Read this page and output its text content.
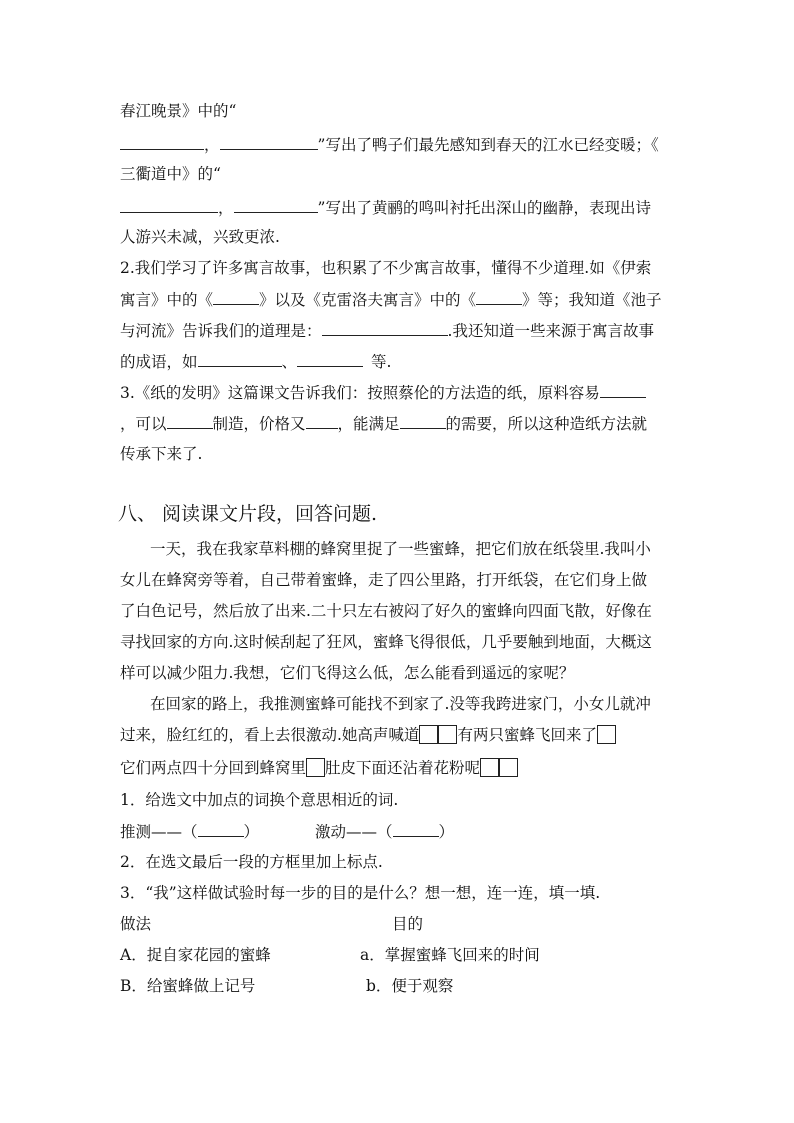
春江晚景》中的“
，	”写出了鸭子们最先感知到春天的江水已经变暖；《
三衢道中》的“
，	”写出了黄鹂的鸣叫衬托出深山的幽静，表现出诗
人游兴未减，兴致更浓.
2.我们学习了许多寓言故事，也积累了不少寓言故事，懂得不少道理.如《伊索
寓言》中的《	》以及《克雷洛夫寓言》中的《	》等；我知道《池子
与河流》告诉我们的道理是：	.我还知道一些来源于寓言故事
的成语，如	、	等.
3.《纸的发明》这篇课文告诉我们：按照蔡伦的方法造的纸，原料容易
，可以	制造，价格又 ，能满足	的需要，所以这种造纸方法就
传承下来了.
八、 阅读课文片段，回答问题.
一天，我在我家草料棚的蜂窝里捉了一些蜜蜂，把它们放在纸袋里.我叫小
女儿在蜂窝旁等着，自己带着蜜蜂，走了四公里路，打开纸袋，在它们身上做
了白色记号，然后放了出来.二十只左右被闷了好久的蜜蜂向四面飞散，好像在
寻找回家的方向.这时候刮起了狂风，蜜蜂飞得很低，几乎要触到地面，大概这
样可以减少阻力.我想，它们飞得这么低，怎么能看到遥远的家呢？
在回家的路上，我推测蜜蜂可能找不到家了.没等我跨进家门，小女儿就冲
过来，脸红红的，看上去很激动.她高声喊道 有两只蜜蜂飞回来了
它们两点四十分回到蜂窝里 肚皮下面还沾着花粉呢
1．给选文中加点的词换个意思相近的词.
推测——（	）	激动——（	）
2．在选文最后一段的方框里加上标点.
3．“我”这样做试验时每一步的目的是什么？想一想，连一连，填一填.
做法	目的
A．捉自家花园的蜜蜂	a．掌握蜜蜂飞回来的时间
B．给蜜蜂做上记号	b．便于观察
